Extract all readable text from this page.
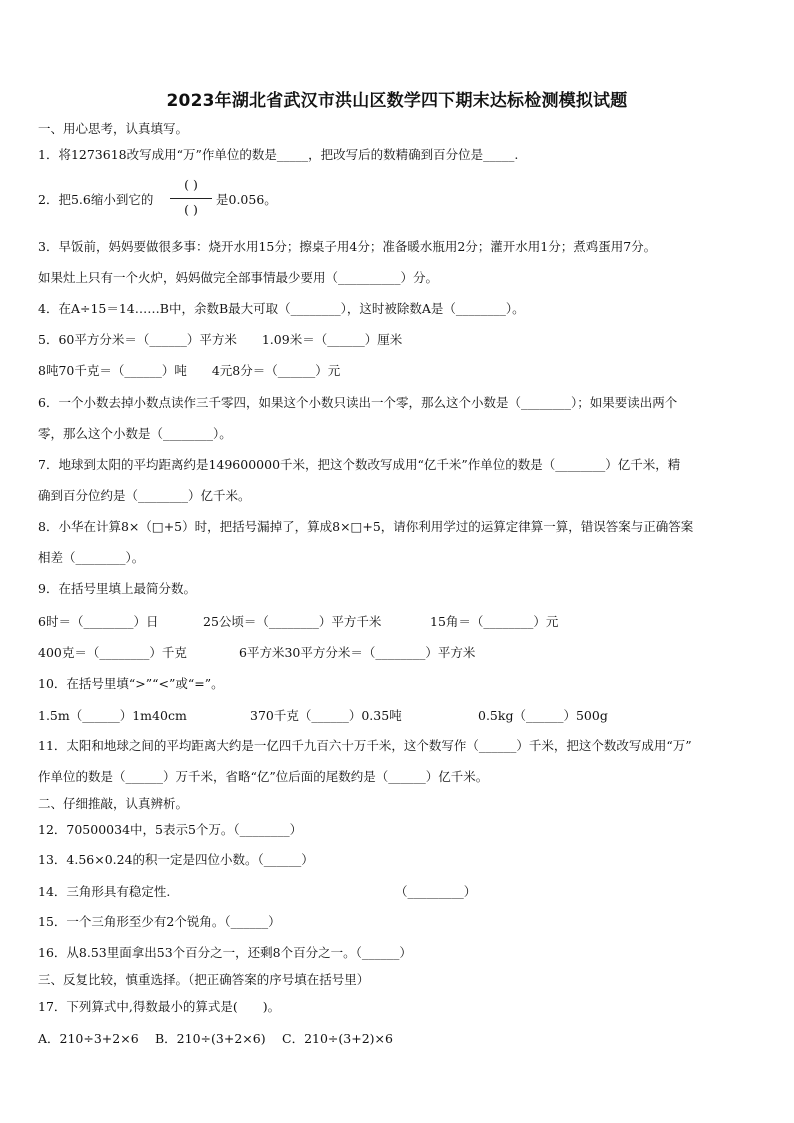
2023年湖北省武汉市洪山区数学四下期末达标检测模拟试题
一、用心思考，认真填写。
1．将1273618改写成用“万”作单位的数是_____，把改写后的数精确到百分位是_____.
2．把5.6缩小到它的
( )
( )
是0.056。
3．早饭前，妈妈要做很多事：烧开水用15分；擦桌子用4分；准备暖水瓶用2分；灌开水用1分；煮鸡蛋用7分。
如果灶上只有一个火炉，妈妈做完全部事情最少要用（__________）分。
4．在A÷15＝14……B中，余数B最大可取（________），这时被除数A是（________）。
5．60平方分米＝（______）平方米　　1.09米＝（______）厘米
8吨70千克＝（______）吨　　4元8分＝（______）元
6．一个小数去掉小数点读作三千零四，如果这个小数只读出一个零，那么这个小数是（________）；如果要读出两个
零，那么这个小数是（________）。
7．地球到太阳的平均距离约是149600000千米，把这个数改写成用“亿千米”作单位的数是（________）亿千米，精
确到百分位约是（________）亿千米。
8．小华在计算8×（□+5）时，把括号漏掉了，算成8×□+5，请你利用学过的运算定律算一算，错误答案与正确答案
相差（________）。
9．在括号里填上最简分数。
6时＝（________）日	25公顷＝（________）平方千米	15角＝（________）元
400克＝（________）千克	6平方米30平方分米＝（________）平方米
10．在括号里填“>”“<”或“=”。
1.5m（______）1m40cm	370千克（______）0.35吨	0.5kg（______）500g
11．太阳和地球之间的平均距离大约是一亿四千九百六十万千米，这个数写作（______）千米，把这个数改写成用“万”
作单位的数是（______）万千米，省略“亿”位后面的尾数约是（______）亿千米。
二、仔细推敲，认真辨析。
12．70500034中，5表示5个万。（________）
13．4.56×0.24的积一定是四位小数。（______）
14．三角形具有稳定性.	（_________）
15．一个三角形至少有2个锐角。（______）
16．从8.53里面拿出53个百分之一，还剩8个百分之一。（______）
三、反复比较，慎重选择。（把正确答案的序号填在括号里）
17．下列算式中,得数最小的算式是(　　)。
A．210÷3+2×6 B．210÷(3+2×6) C．210÷(3+2)×6
